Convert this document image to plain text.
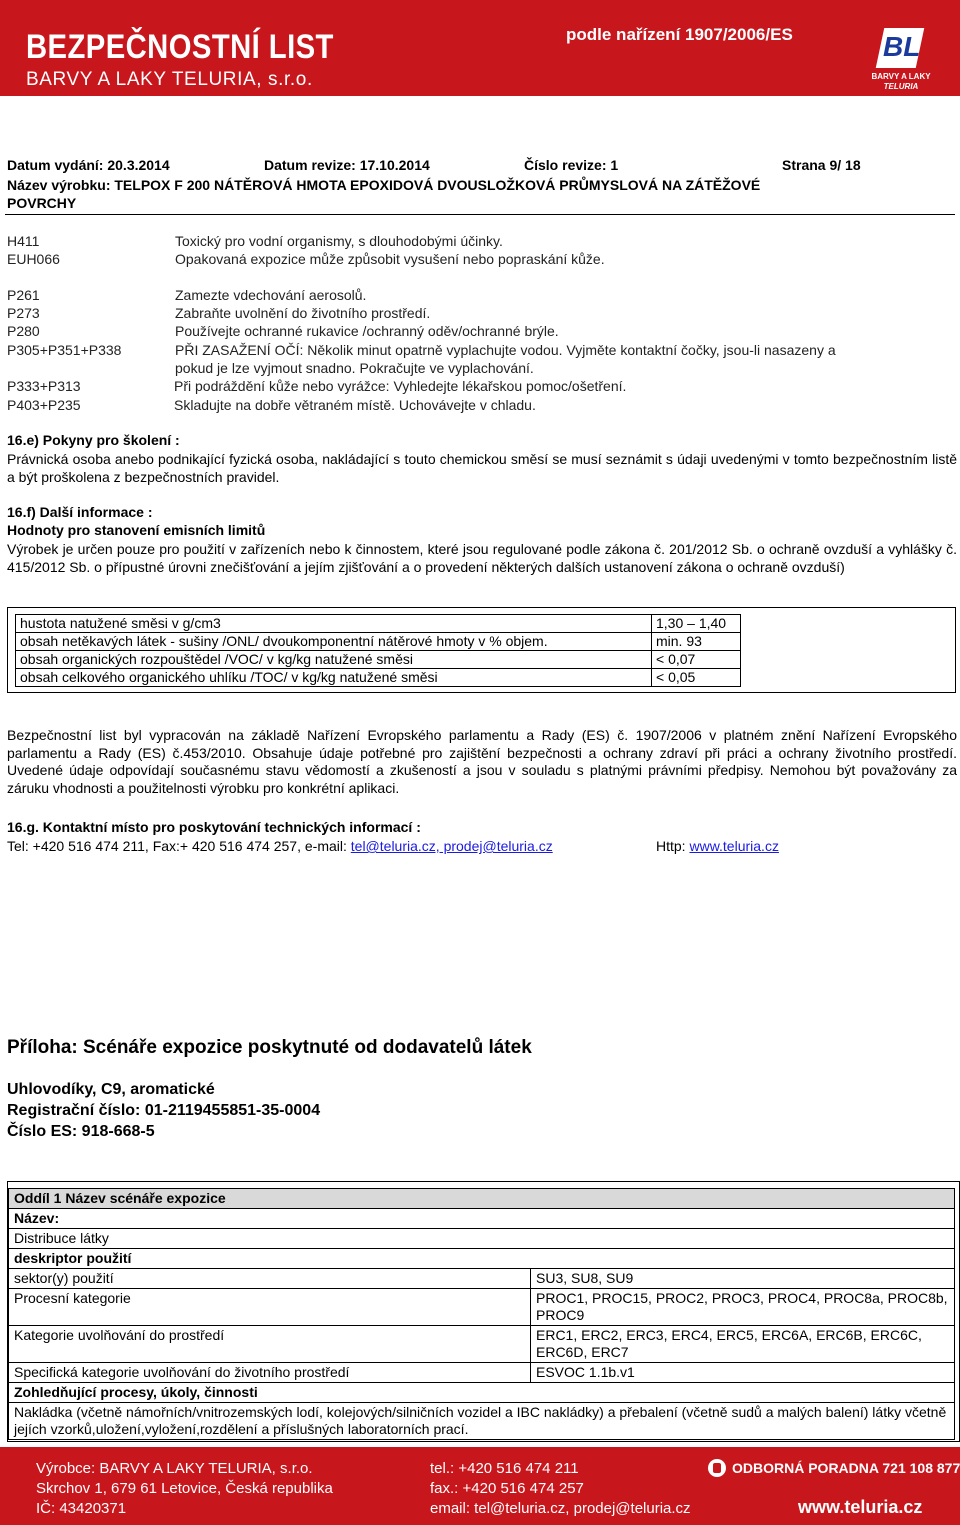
BEZPEČNOSTNÍ LIST
BARVY A LAKY TELURIA, s.r.o.
podle nařízení 1907/2006/ES	BL
BARVY A LAKY
TELURIA
Datum vydání: 20.3.2014	Datum revize: 17.10.2014	Číslo revize: 1	Strana 9/ 18
Název výrobku: TELPOX F 200 NÁTĚROVÁ HMOTA EPOXIDOVÁ DVOUSLOŽKOVÁ PRŮMYSLOVÁ NA ZÁTĚŽOVÉ
POVRCHY
H411	Toxický pro vodní organismy, s dlouhodobými účinky.
EUH066	Opakovaná expozice může způsobit vysušení nebo popraskání kůže.
P261	Zamezte vdechování aerosolů.
P273	Zabraňte uvolnění do životního prostředí.
P280	Používejte ochranné rukavice /ochranný oděv/ochranné brýle.
P305+P351+P338	PŘI ZASAŽENÍ OČÍ: Několik minut opatrně vyplachujte vodou. Vyjměte kontaktní čočky, jsou-li nasazeny a
pokud je lze vyjmout snadno. Pokračujte ve vyplachování.
P333+P313	Při podráždění kůže nebo vyrážce: Vyhledejte lékařskou pomoc/ošetření.
P403+P235	Skladujte na dobře větraném místě. Uchovávejte v chladu.
16.e) Pokyny pro školení :
Právnická osoba anebo podnikající fyzická osoba, nakládající s touto chemickou směsí se musí seznámit s údaji uvedenými v tomto bezpečnostním listě a být proškolena z bezpečnostních pravidel.
16.f) Další informace :
Hodnoty pro stanovení emisních limitů
Výrobek je určen pouze pro použití v zařízeních nebo k činnostem, které jsou regulované podle zákona č. 201/2012 Sb. o ochraně ovzduší a vyhlášky č. 415/2012 Sb. o přípustné úrovni znečišťování a jejím zjišťování a o provedení některých dalších ustanovení zákona o ochraně ovzduší)
hustota natužené směsi v g/cm3	1,30 – 1,40
obsah netěkavých látek - sušiny /ONL/ dvoukomponentní nátěrové hmoty v % objem.	min. 93
obsah organických rozpouštědel /VOC/ v kg/kg natužené směsi	< 0,07
obsah celkového organického uhlíku /TOC/ v kg/kg natužené směsi	< 0,05
Bezpečnostní list byl vypracován na základě Nařízení Evropského parlamentu a Rady (ES) č. 1907/2006 v platném znění Nařízení Evropského parlamentu a Rady (ES) č.453/2010. Obsahuje údaje potřebné pro zajištění bezpečnosti a ochrany zdraví při práci a ochrany životního prostředí. Uvedené údaje odpovídají současnému stavu vědomostí a zkušeností a jsou v souladu s platnými právními předpisy. Nemohou být považovány za záruku vhodnosti a použitelnosti výrobku pro konkrétní aplikaci.
16.g. Kontaktní místo pro poskytování technických informací :
Tel: +420 516 474 211, Fax:+ 420 516 474 257, e-mail: tel@teluria.cz, prodej@teluria.cz	Http: www.teluria.cz
Příloha: Scénáře expozice poskytnuté od dodavatelů látek
Uhlovodíky, C9, aromatické
Registrační číslo: 01-2119455851-35-0004
Číslo ES: 918-668-5
Oddíl 1 Název scénáře expozice	
Název:	
Distribuce látky	
deskriptor použití	
sektor(y) použití	SU3, SU8, SU9
Procesní kategorie	PROC1, PROC15, PROC2, PROC3, PROC4, PROC8a, PROC8b, PROC9
Kategorie uvolňování do prostředí	ERC1, ERC2, ERC3, ERC4, ERC5, ERC6A, ERC6B, ERC6C, ERC6D, ERC7
Specifická kategorie uvolňování do životního prostředí	ESVOC 1.1b.v1
Zohledňující procesy, úkoly, činnosti	
Nakládka (včetně námořních/vnitrozemských lodí, kolejových/silničních vozidel a IBC nakládky) a přebalení (včetně sudů a malých balení) látky včetně jejích vzorků,uložení,vyložení,rozdělení a příslušných laboratorních prací.	
Výrobce: BARVY A LAKY TELURIA, s.r.o.
Skrchov 1, 679 61 Letovice, Česká republika
IČ: 43420371
tel.: +420 516 474 211
fax.: +420 516 474 257
email: tel@teluria.cz, prodej@teluria.cz
ODBORNÁ PORADNA 721 108 877
www.teluria.cz
